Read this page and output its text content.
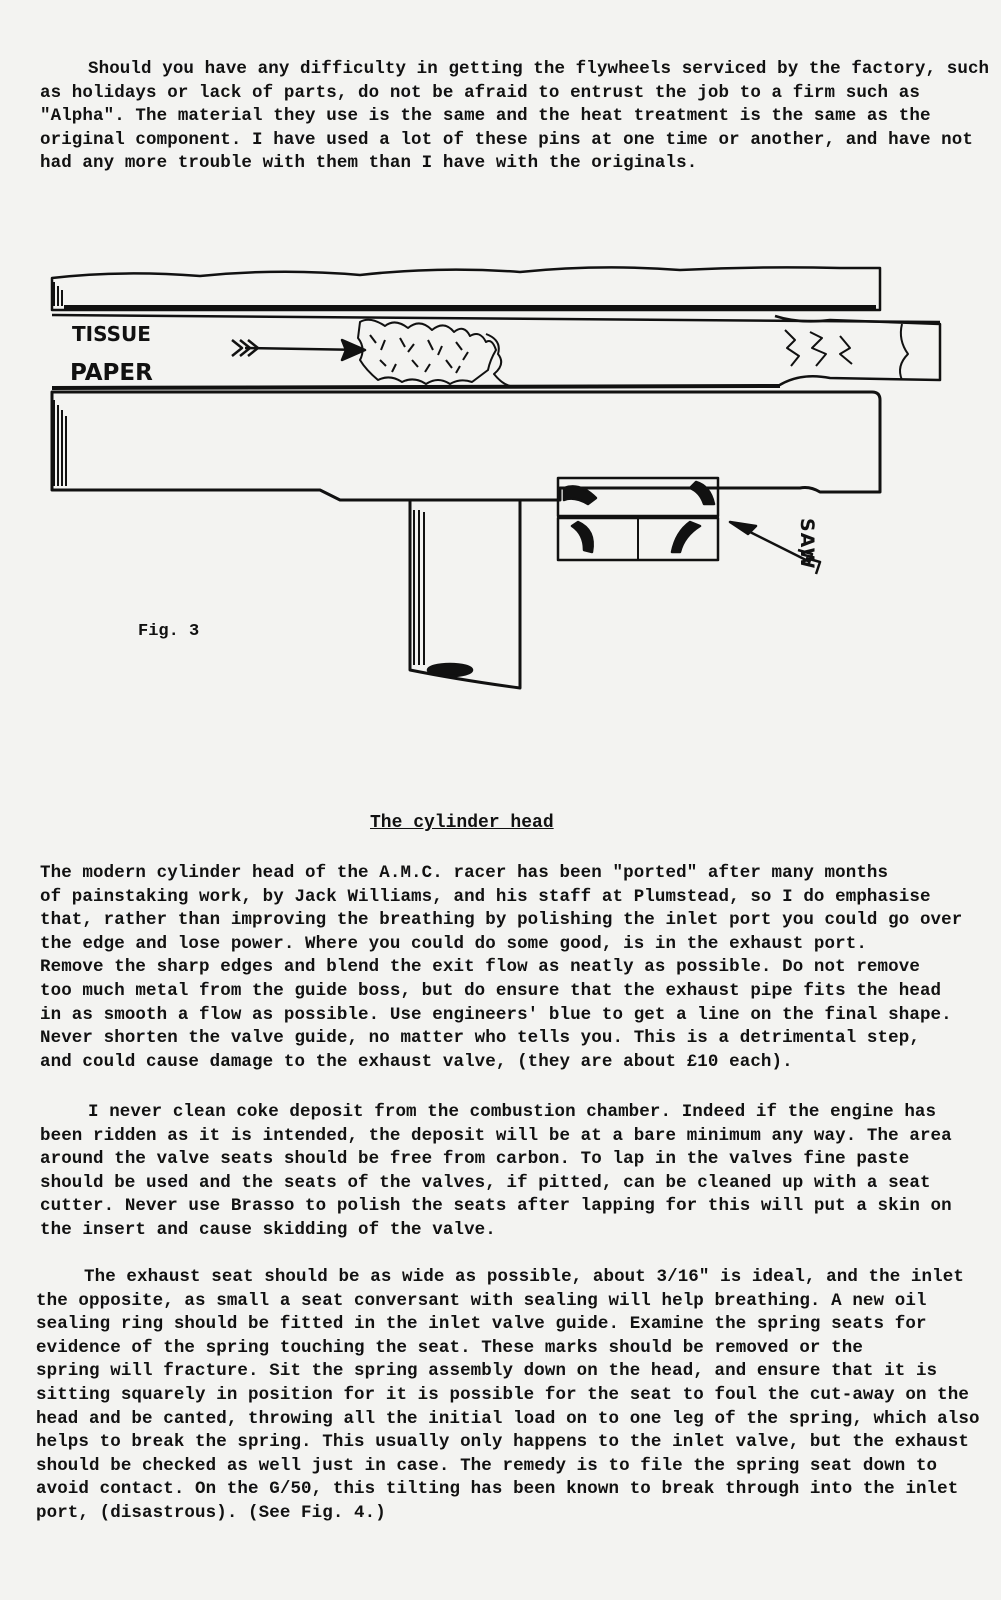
Should you have any difficulty in getting the flywheels serviced by the factory, such
as holidays or lack of parts, do not be afraid to entrust the job to a firm such as
"Alpha". The material they use is the same and the heat treatment is the same as the
original component. I have used a lot of these pins at one time or another, and have not
had any more trouble with them than I have with the originals.
TISSUE
PAPER
SAW
Fig. 3
The cylinder head
The modern cylinder head of the A.M.C. racer has been "ported" after many months
of painstaking work, by Jack Williams, and his staff at Plumstead, so I do emphasise
that, rather than improving the breathing by polishing the inlet port you could go over
the edge and lose power. Where you could do some good, is in the exhaust port.
Remove the sharp edges and blend the exit flow as neatly as possible. Do not remove
too much metal from the guide boss, but do ensure that the exhaust pipe fits the head
in as smooth a flow as possible. Use engineers' blue to get a line on the final shape.
Never shorten the valve guide, no matter who tells you. This is a detrimental step,
and could cause damage to the exhaust valve, (they are about £10 each).
I never clean coke deposit from the combustion chamber. Indeed if the engine has
been ridden as it is intended, the deposit will be at a bare minimum any way. The area
around the valve seats should be free from carbon. To lap in the valves fine paste
should be used and the seats of the valves, if pitted, can be cleaned up with a seat
cutter. Never use Brasso to polish the seats after lapping for this will put a skin on
the insert and cause skidding of the valve.
The exhaust seat should be as wide as possible, about 3/16" is ideal, and the inlet
the opposite, as small a seat conversant with sealing will help breathing. A new oil
sealing ring should be fitted in the inlet valve guide. Examine the spring seats for
evidence of the spring touching the seat. These marks should be removed or the
spring will fracture. Sit the spring assembly down on the head, and ensure that it is
sitting squarely in position for it is possible for the seat to foul the cut-away on the
head and be canted, throwing all the initial load on to one leg of the spring, which also
helps to break the spring. This usually only happens to the inlet valve, but the exhaust
should be checked as well just in case. The remedy is to file the spring seat down to
avoid contact. On the G/50, this tilting has been known to break through into the inlet
port, (disastrous). (See Fig. 4.)
